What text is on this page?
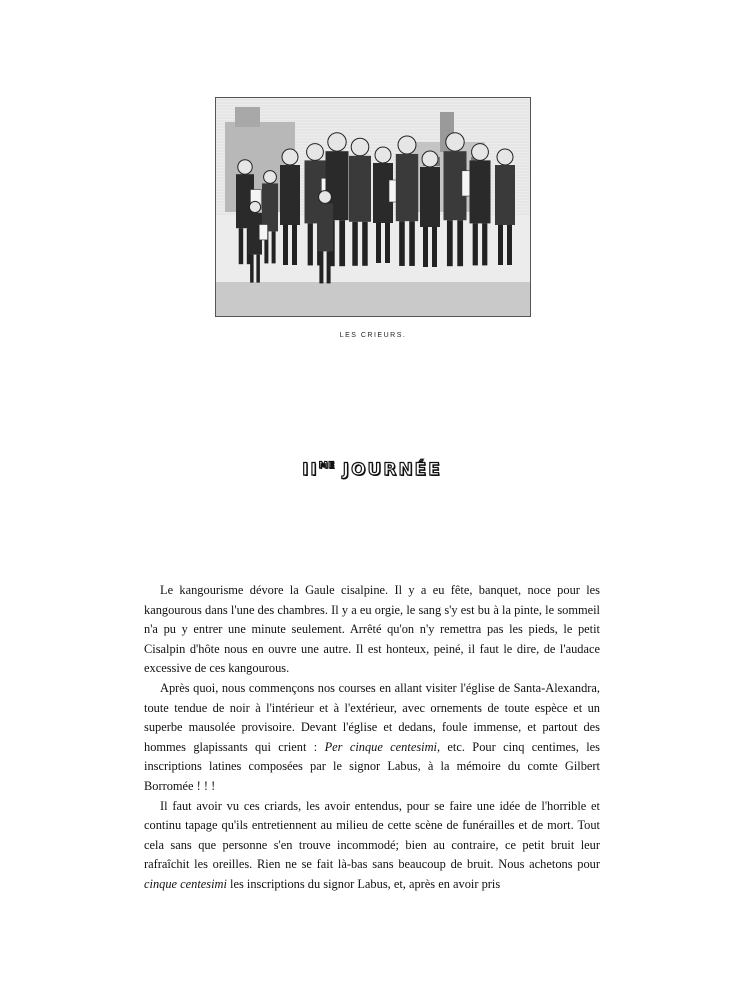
LES CRIEURS.
$II^{ME}$ JOURNÉE

Le kangourisme dévore la Gaule cisalpine. Il y a eu fête, banquet, noce pour les kangourous dans l'une des chambres. Il y a eu orgie, le sang s'y est bu à la pinte, le sommeil n'a pu y entrer une minute seulement. Arrêté qu'on n'y remettra pas les pieds, le petit Cisalpin d'hôte nous en ouvre une autre. Il est honteux, peiné, il faut le dire, de l'audace excessive de ces kangourous.

Après quoi, nous commençons nos courses en allant visiter l'église de Santa-Alexandra, toute tendue de noir à l'intérieur et à l'extérieur, avec ornements de toute espèce et un superbe mausolée provisoire. Devant l'église et dedans, foule immense, et partout des hommes glapissants qui crient : Per cinque centesimi, etc. Pour cinq centimes, les inscriptions latines composées par le signor Labus, à la mémoire du comte Gilbert Borromée ! ! !

Il faut avoir vu ces criards, les avoir entendus, pour se faire une idée de l'horrible et continu tapage qu'ils entretiennent au milieu de cette scène de funérailles et de mort. Tout cela sans que personne s'en trouve incommodé; bien au contraire, ce petit bruit leur rafraîchit les oreilles. Rien ne se fait là-bas sans beaucoup de bruit. Nous achetons pour cinque centesimi les inscriptions du signor Labus, et, après en avoir pris
